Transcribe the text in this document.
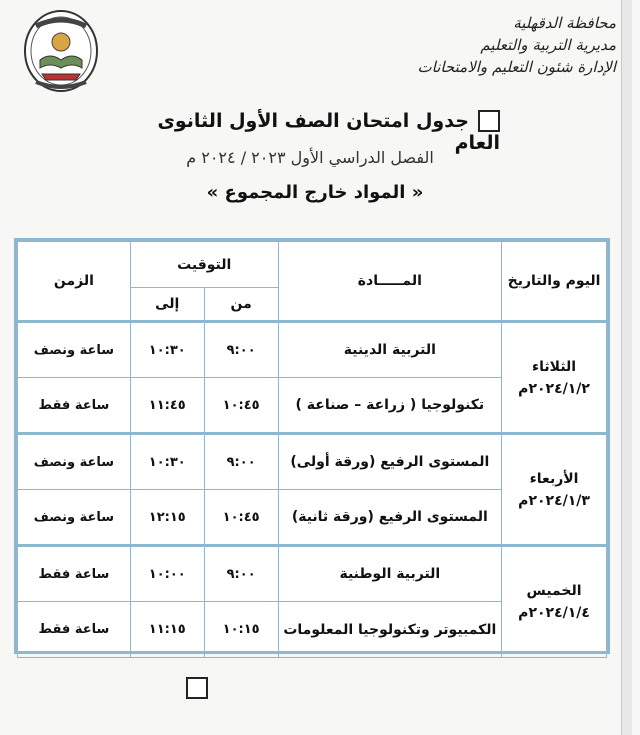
محافظة الدقهلية
مديرية التربية والتعليم
الإدارة شئون التعليم والامتحانات
جدول امتحان الصف الأول الثانوى العام
الفصل الدراسي الأول ٢٠٢٣ / ٢٠٢٤ م
« المواد خارج المجموع »
اليوم والتاريخ	المـــــادة	التوقيت		الزمن
		من	إلى	

الثلاثاء
٢٠٢٤/١/٢م	التربية الدينية	٩:٠٠	١٠:٣٠	ساعة ونصف
	تكنولوجيا ( زراعة – صناعة )	١٠:٤٥	١١:٤٥	ساعة فقط

الأربعاء
٢٠٢٤/١/٣م	المستوى الرفيع (ورقة أولى)	٩:٠٠	١٠:٣٠	ساعة ونصف
	المستوى الرفيع (ورقة ثانية)	١٠:٤٥	١٢:١٥	ساعة ونصف

الخميس
٢٠٢٤/١/٤م	التربية الوطنية	٩:٠٠	١٠:٠٠	ساعة فقط
	الكمبيوتر وتكنولوجيا المعلومات	١٠:١٥	١١:١٥	ساعة فقط
